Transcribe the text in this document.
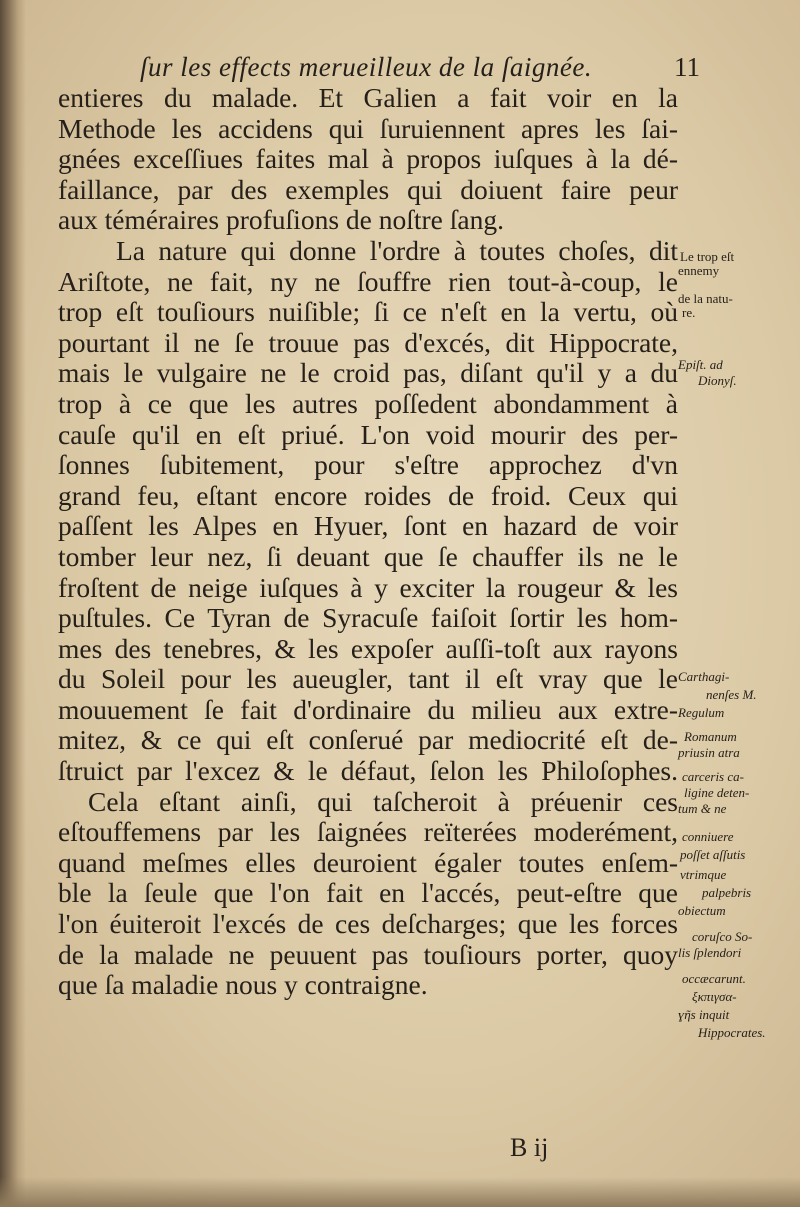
ſur les effects merueilleux de la ſaignée.	11
entieres du malade. Et Galien a fait voir en la
Methode les accidens qui ſuruiennent apres les ſai-
gnées exceſſiues faites mal à propos iuſques à la dé-
faillance, par des exemples qui doiuent faire peur
aux téméraires profuſions de noſtre ſang.
La nature qui donne l'ordre à toutes choſes, dit
Ariſtote, ne fait, ny ne ſouffre rien tout-à-coup, le
trop eſt touſiours nuiſible; ſi ce n'eſt en la vertu, où
pourtant il ne ſe trouue pas d'excés, dit Hippocrate,
mais le vulgaire ne le croid pas, diſant qu'il y a du
trop à ce que les autres poſſedent abondamment à
cauſe qu'il en eſt priué. L'on void mourir des per-
ſonnes ſubitement, pour s'eſtre approchez d'vn
grand feu, eſtant encore roides de froid. Ceux qui
paſſent les Alpes en Hyuer, ſont en hazard de voir
tomber leur nez, ſi deuant que ſe chauffer ils ne le
froſtent de neige iuſques à y exciter la rougeur & les
puſtules. Ce Tyran de Syracuſe faiſoit ſortir les hom-
mes des tenebres, & les expoſer auſſi-toſt aux rayons
du Soleil pour les aueugler, tant il eſt vray que le
mouuement ſe fait d'ordinaire du milieu aux extre-
mitez, & ce qui eſt conſerué par mediocrité eſt de-
ſtruict par l'excez & le défaut, ſelon les Philoſophes.
Cela eſtant ainſi, qui taſcheroit à préuenir ces
eſtouffemens par les ſaignées reïterées moderément,
quand meſmes elles deuroient égaler toutes enſem-
ble la ſeule que l'on fait en l'accés, peut-eſtre que
l'on éuiteroit l'excés de ces deſcharges; que les forces
de la malade ne peuuent pas touſiours porter, quoy
que ſa maladie nous y contraigne.
Le trop eſt
ennemy
de la natu-
re.
Epiſt. ad
Dionyſ.
Carthagi-
nenſes M.
Regulum
Romanum
priusin atra
carceris ca-
ligine deten-
tum & ne
conniuere
poſſet aſſutis
vtrimque
palpebris
obiectum
coruſco So-
lis ſplendori
occæcarunt.
ξκπιγσα-
ɣῆs inquit
Hippocrates.
B ij
